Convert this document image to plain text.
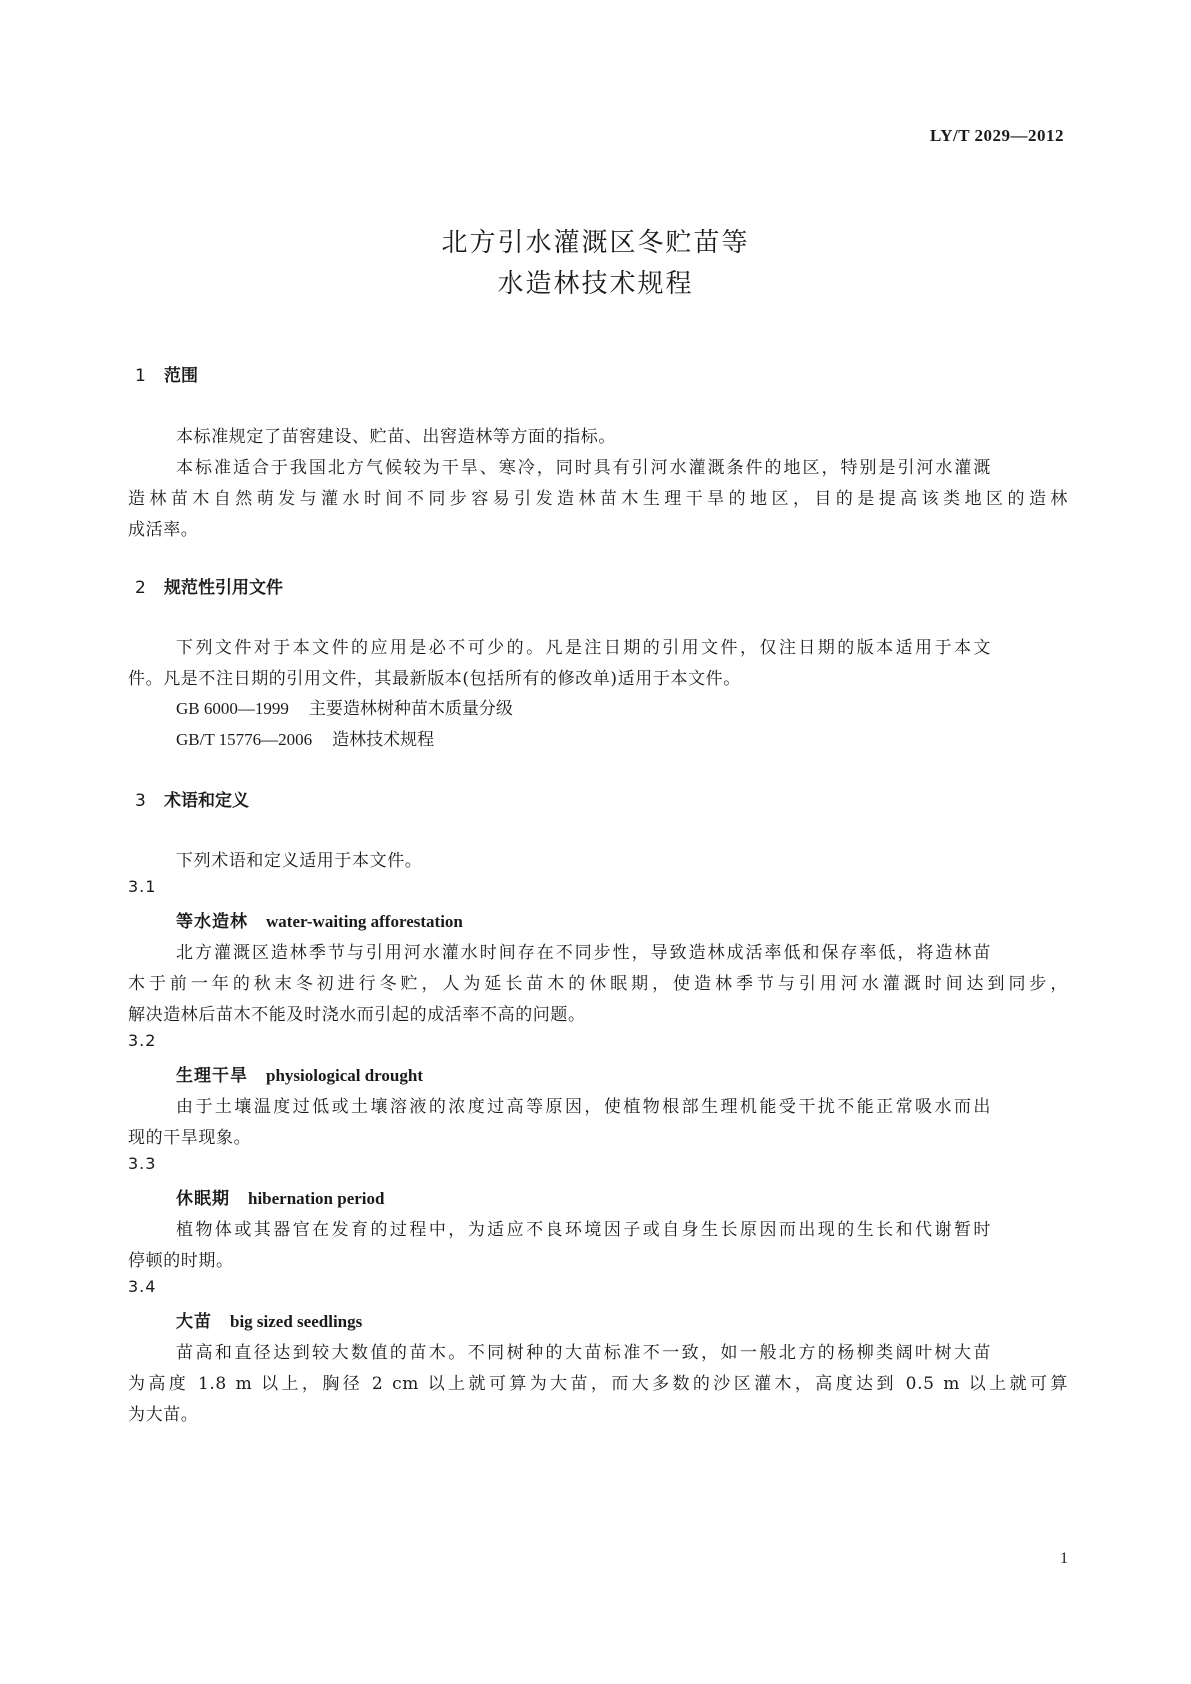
LY/T 2029—2012
北方引水灌溉区冬贮苗等
水造林技术规程
1 范围
本标准规定了苗窖建设、贮苗、出窖造林等方面的指标。
本标准适合于我国北方气候较为干旱、寒冷，同时具有引河水灌溉条件的地区，特别是引河水灌溉
造林苗木自然萌发与灌水时间不同步容易引发造林苗木生理干旱的地区，目的是提高该类地区的造林
成活率。
2 规范性引用文件
下列文件对于本文件的应用是必不可少的。凡是注日期的引用文件，仅注日期的版本适用于本文
件。凡是不注日期的引用文件，其最新版本(包括所有的修改单)适用于本文件。
GB 6000—1999 主要造林树种苗木质量分级
GB/T 15776—2006 造林技术规程
3 术语和定义
下列术语和定义适用于本文件。
3.1
等水造林 water-waiting afforestation
北方灌溉区造林季节与引用河水灌水时间存在不同步性，导致造林成活率低和保存率低，将造林苗
木于前一年的秋末冬初进行冬贮，人为延长苗木的休眠期，使造林季节与引用河水灌溉时间达到同步，
解决造林后苗木不能及时浇水而引起的成活率不高的问题。
3.2
生理干旱 physiological drought
由于土壤温度过低或土壤溶液的浓度过高等原因，使植物根部生理机能受干扰不能正常吸水而出
现的干旱现象。
3.3
休眠期 hibernation period
植物体或其器官在发育的过程中，为适应不良环境因子或自身生长原因而出现的生长和代谢暂时
停顿的时期。
3.4
大苗 big sized seedlings
苗高和直径达到较大数值的苗木。不同树种的大苗标准不一致，如一般北方的杨柳类阔叶树大苗
为高度 1.8 m 以上，胸径 2 cm 以上就可算为大苗，而大多数的沙区灌木，高度达到 0.5 m 以上就可算
为大苗。
1
